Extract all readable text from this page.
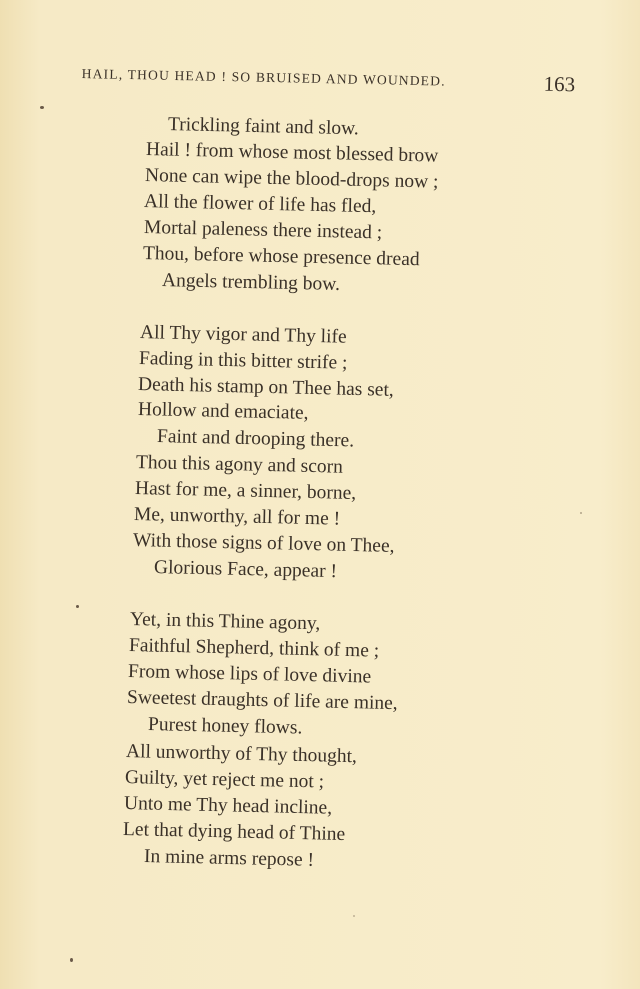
HAIL, THOU HEAD ! SO BRUISED AND WOUNDED.	163
Trickling faint and slow.
Hail ! from whose most blessed brow
None can wipe the blood-drops now ;
All the flower of life has fled,
Mortal paleness there instead ;
Thou, before whose presence dread
Angels trembling bow.
All Thy vigor and Thy life
Fading in this bitter strife ;
Death his stamp on Thee has set,
Hollow and emaciate,
Faint and drooping there.
Thou this agony and scorn
Hast for me, a sinner, borne,
Me, unworthy, all for me !
With those signs of love on Thee,
Glorious Face, appear !
Yet, in this Thine agony,
Faithful Shepherd, think of me ;
From whose lips of love divine
Sweetest draughts of life are mine,
Purest honey flows.
All unworthy of Thy thought,
Guilty, yet reject me not ;
Unto me Thy head incline,
Let that dying head of Thine
In mine arms repose !
